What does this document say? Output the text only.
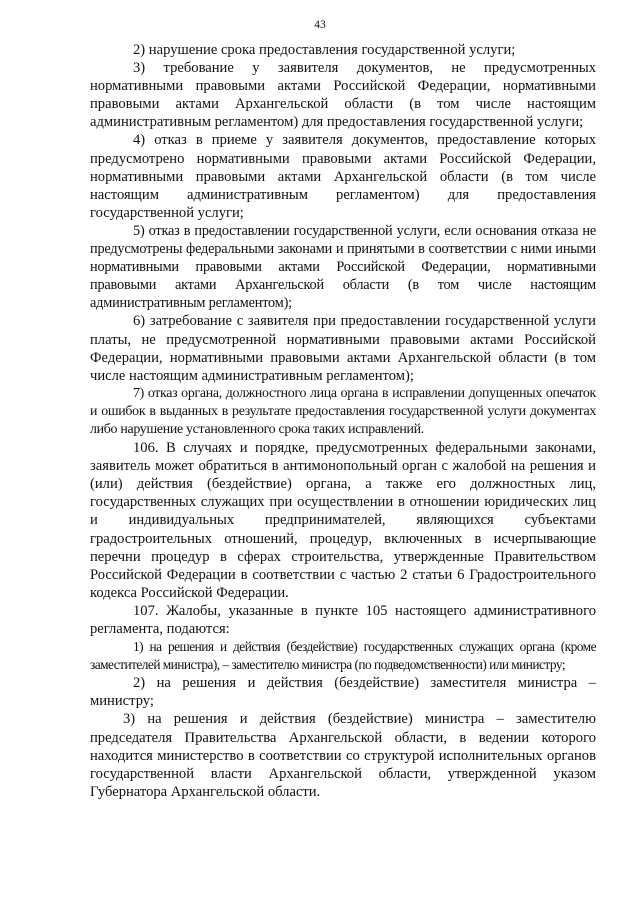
43

2) нарушение срока предоставления государственной услуги;

3) требование у заявителя документов, не предусмотренных нормативными правовыми актами Российской Федерации, нормативными правовыми актами Архангельской области (в том числе настоящим административным регламентом) для предоставления государственной услуги;

4) отказ в приеме у заявителя документов, предоставление которых предусмотрено нормативными правовыми актами Российской Федерации, нормативными правовыми актами Архангельской области (в том числе настоящим административным регламентом) для предоставления государственной услуги;

5) отказ в предоставлении государственной услуги, если основания отказа не предусмотрены федеральными законами и принятыми в соответствии с ними иными нормативными правовыми актами Российской Федерации, нормативными правовыми актами Архангельской области (в том числе настоящим административным регламентом);

6) затребование с заявителя при предоставлении государственной услуги платы, не предусмотренной нормативными правовыми актами Российской Федерации, нормативными правовыми актами Архангельской области (в том числе настоящим административным регламентом);

7) отказ органа, должностного лица органа в исправлении допущенных опечаток и ошибок в выданных в результате предоставления государственной услуги документах либо нарушение установленного срока таких исправлений.

106. В случаях и порядке, предусмотренных федеральными законами, заявитель может обратиться в антимонопольный орган с жалобой на решения и (или) действия (бездействие) органа, а также его должностных лиц, государственных служащих при осуществлении в отношении юридических лиц и индивидуальных предпринимателей, являющихся субъектами градостроительных отношений, процедур, включенных в исчерпывающие перечни процедур в сферах строительства, утвержденные Правительством Российской Федерации в соответствии с частью 2 статьи 6 Градостроительного кодекса Российской Федерации.

107. Жалобы, указанные в пункте 105 настоящего административного регламента, подаются:

1) на решения и действия (бездействие) государственных служащих органа (кроме заместителей министра), – заместителю министра (по подведомственности) или министру;

2) на решения и действия (бездействие) заместителя министра – министру;

3) на решения и действия (бездействие) министра – заместителю председателя Правительства Архангельской области, в ведении которого находится министерство в соответствии со структурой исполнительных органов государственной власти Архангельской области, утвержденной указом Губернатора Архангельской области.
